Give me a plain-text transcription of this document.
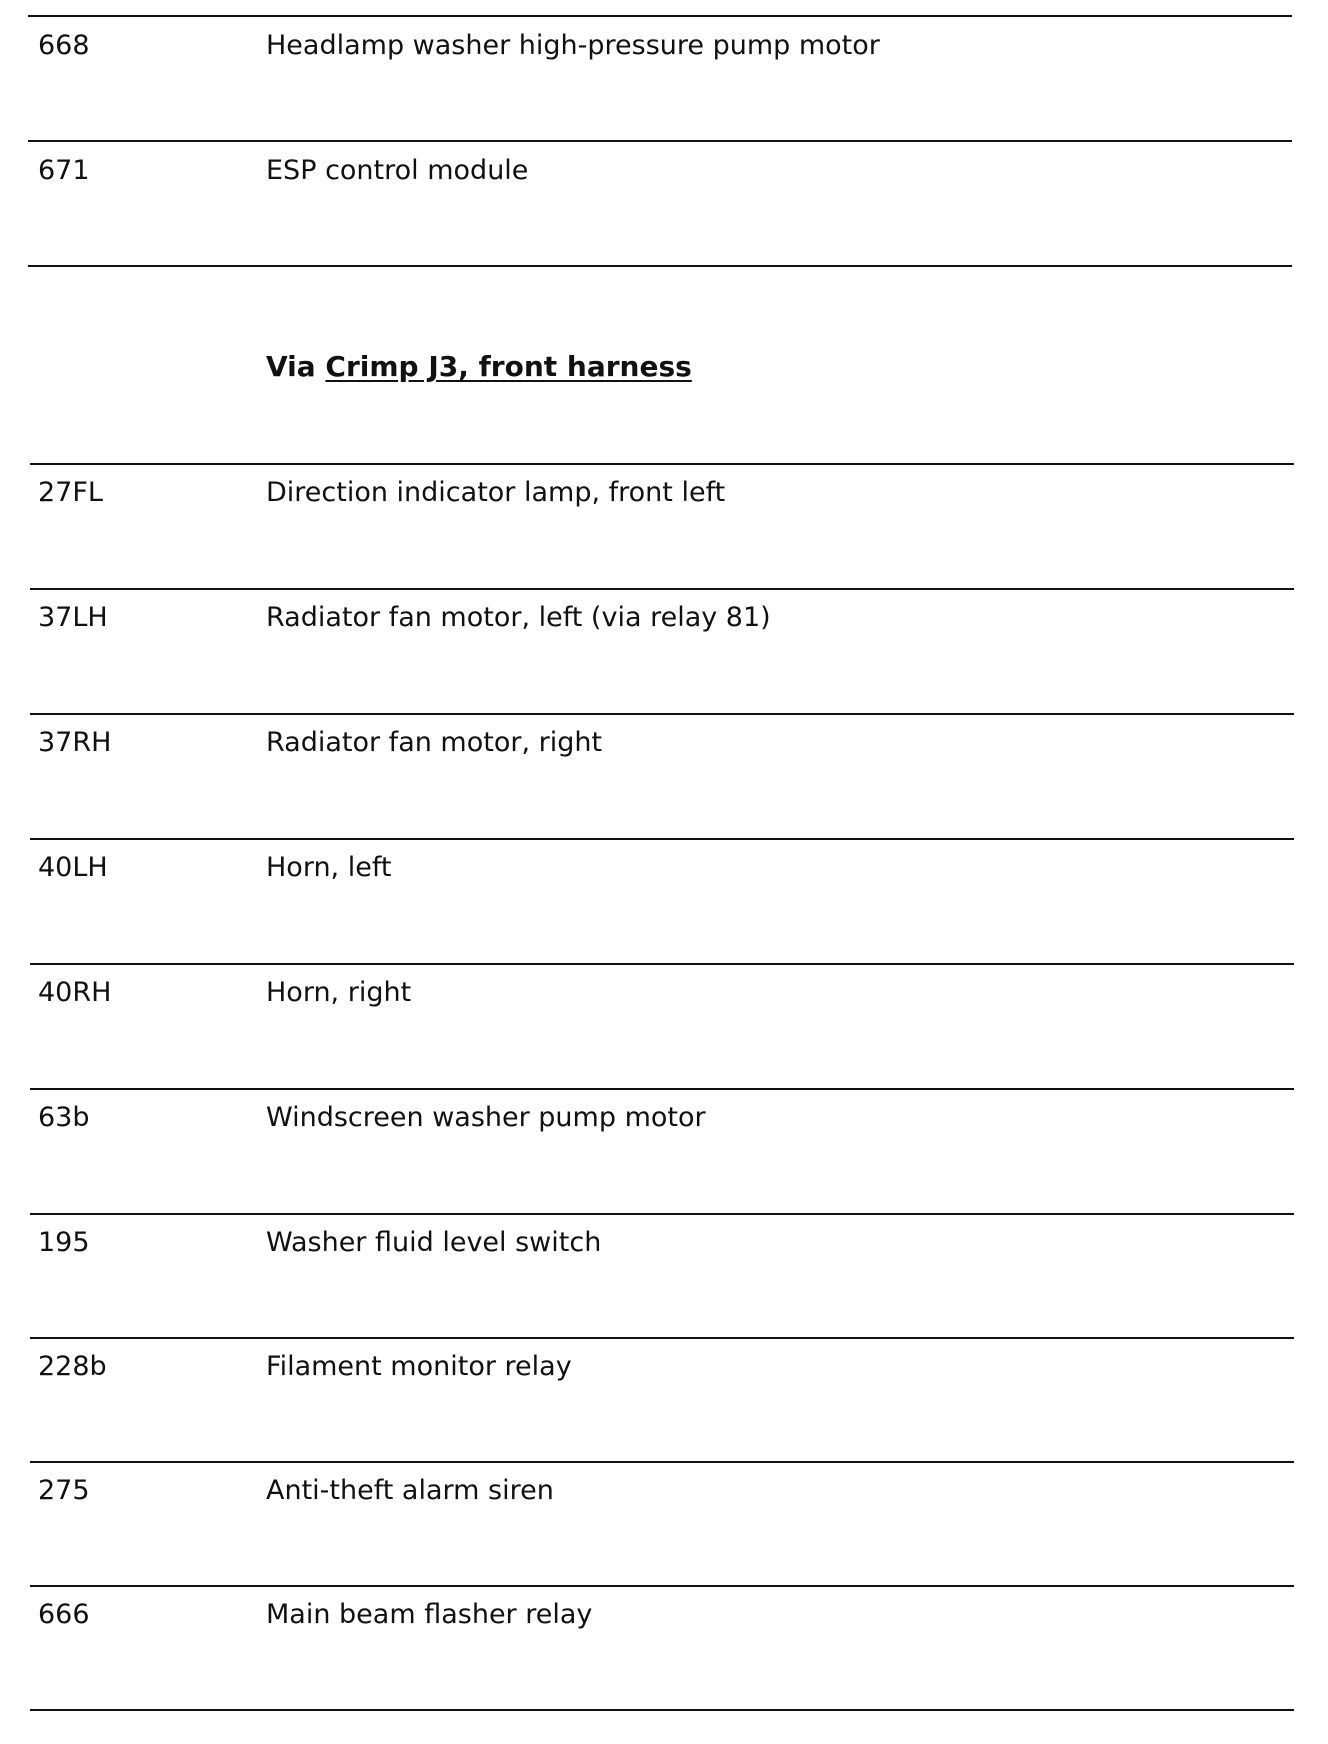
668	Headlamp washer high-pressure pump motor
671	ESP control module
Via Crimp J3, front harness
27FL	Direction indicator lamp, front left
37LH	Radiator fan motor, left (via relay 81)
37RH	Radiator fan motor, right
40LH	Horn, left
40RH	Horn, right
63b	Windscreen washer pump motor
195	Washer fluid level switch
228b	Filament monitor relay
275	Anti-theft alarm siren
666	Main beam flasher relay
